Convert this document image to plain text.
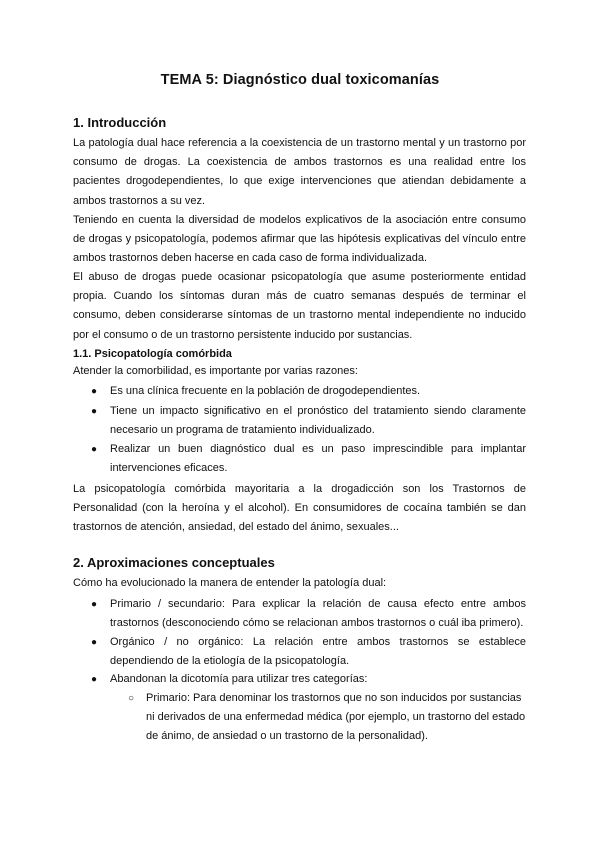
TEMA 5: Diagnóstico dual toxicomanías
1. Introducción
La patología dual hace referencia a la coexistencia de un trastorno mental y un trastorno por consumo de drogas. La coexistencia de ambos trastornos es una realidad entre los pacientes drogodependientes, lo que exige intervenciones que atiendan debidamente a ambos trastornos a su vez.
Teniendo en cuenta la diversidad de modelos explicativos de la asociación entre consumo de drogas y psicopatología, podemos afirmar que las hipótesis explicativas del vínculo entre ambos trastornos deben hacerse en cada caso de forma individualizada.
El abuso de drogas puede ocasionar psicopatología que asume posteriormente entidad propia. Cuando los síntomas duran más de cuatro semanas después de terminar el consumo, deben considerarse síntomas de un trastorno mental independiente no inducido por el consumo o de un trastorno persistente inducido por sustancias.
1.1. Psicopatología comórbida
Atender la comorbilidad, es importante por varias razones:
● Es una clínica frecuente en la población de drogodependientes.
● Tiene un impacto significativo en el pronóstico del tratamiento siendo claramente necesario un programa de tratamiento individualizado.
● Realizar un buen diagnóstico dual es un paso imprescindible para implantar intervenciones eficaces.
La psicopatología comórbida mayoritaria a la drogadicción son los Trastornos de Personalidad (con la heroína y el alcohol). En consumidores de cocaína también se dan trastornos de atención, ansiedad, del estado del ánimo, sexuales...
2. Aproximaciones conceptuales
Cómo ha evolucionado la manera de entender la patología dual:
● Primario / secundario: Para explicar la relación de causa efecto entre ambos trastornos (desconociendo cómo se relacionan ambos trastornos o cuál iba primero).
● Orgánico / no orgánico: La relación entre ambos trastornos se establece dependiendo de la etiología de la psicopatología.
● Abandonan la dicotomía para utilizar tres categorías:
○ Primario: Para denominar los trastornos que no son inducidos por sustancias ni derivados de una enfermedad médica (por ejemplo, un trastorno del estado de ánimo, de ansiedad o un trastorno de la personalidad).
